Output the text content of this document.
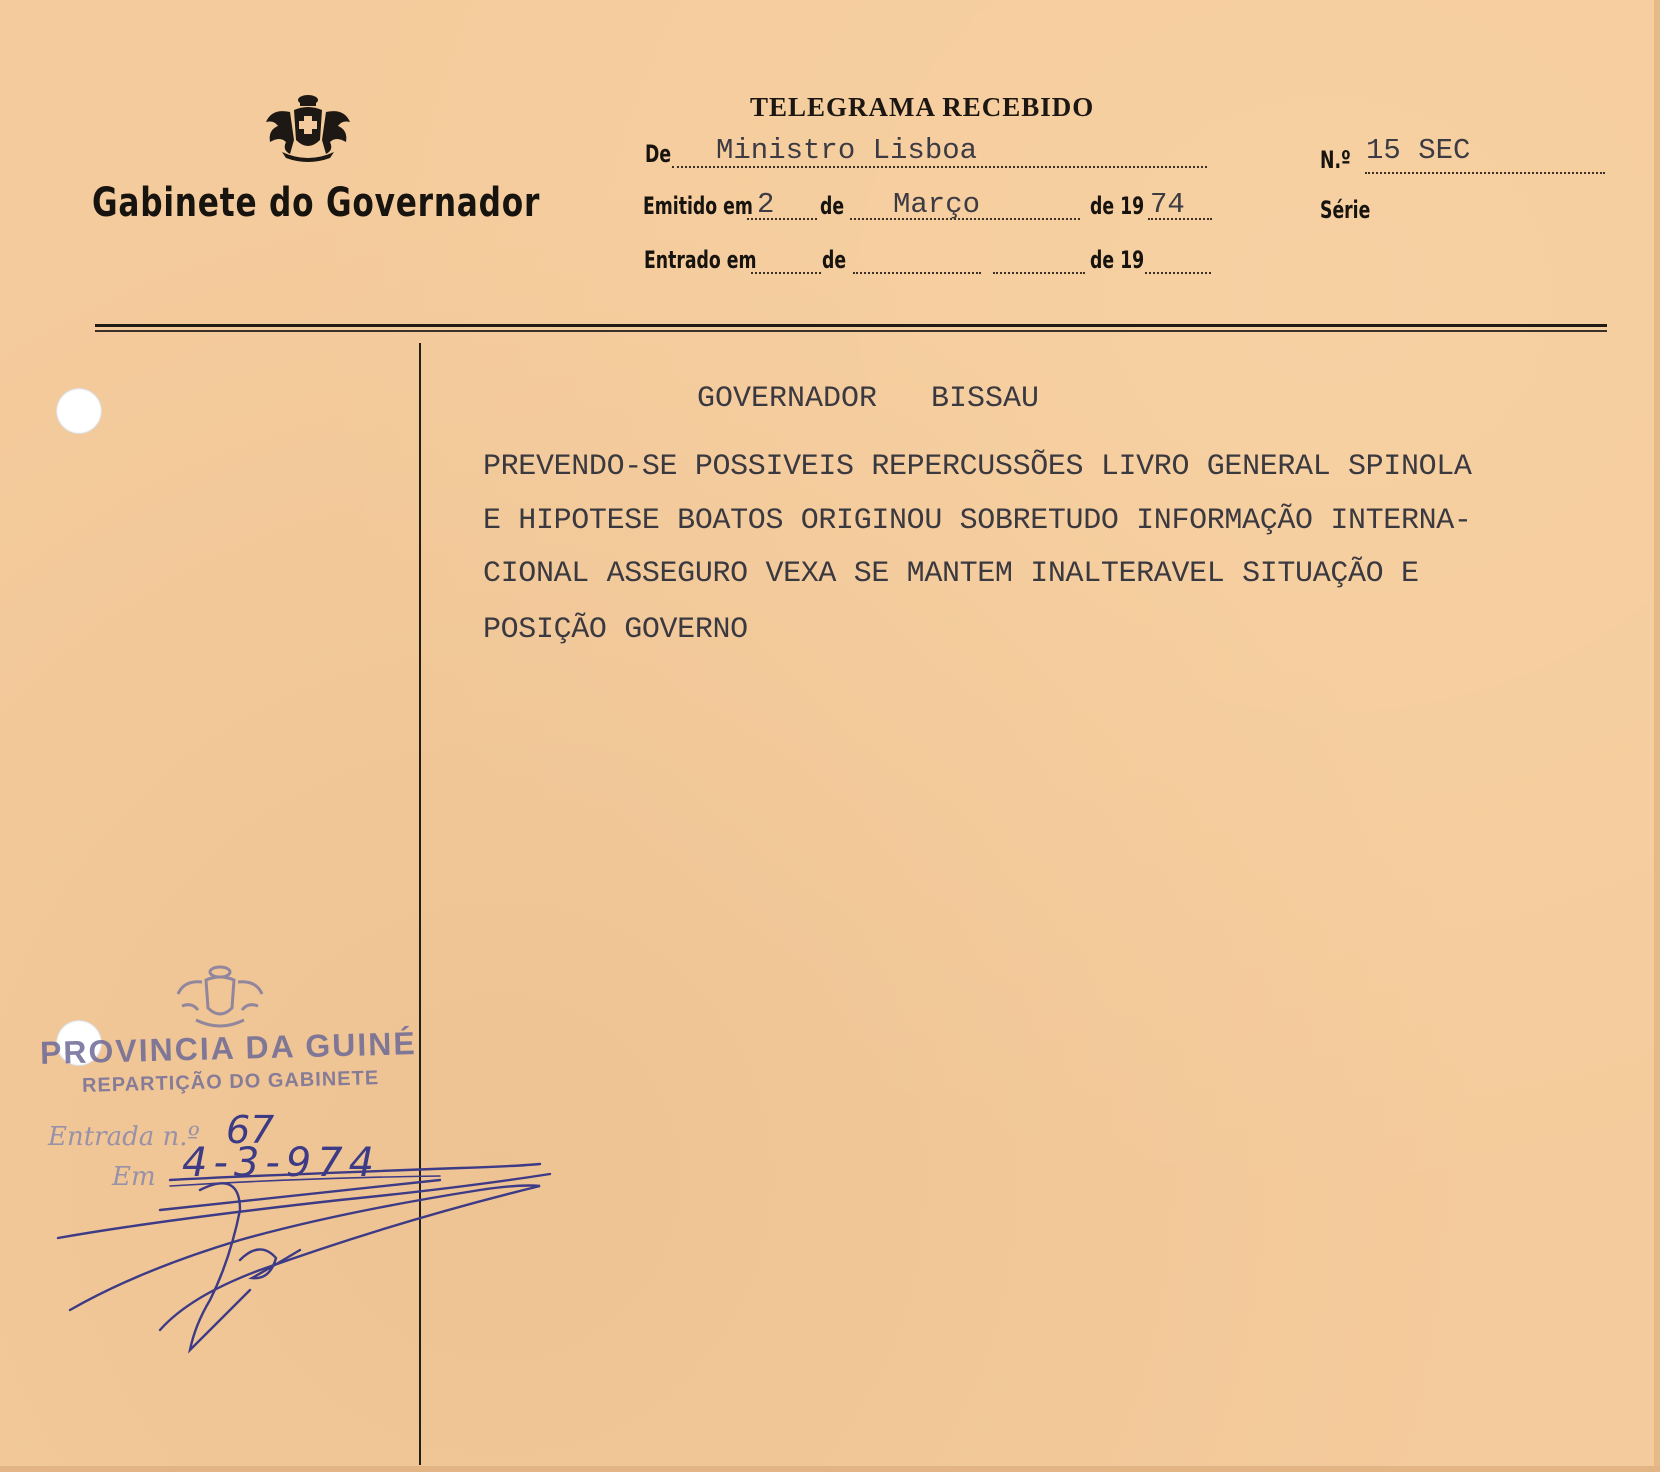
Gabinete do Governador
TELEGRAMA RECEBIDO
De Ministro Lisboa	N.º 15 SEC
Emitido em 2 de Março	de 19 74	Série
Entrado em	de	de 19
GOVERNADOR   BISSAU
PREVENDO-SE POSSIVEIS REPERCUSSÕES LIVRO GENERAL SPINOLA
E HIPOTESE BOATOS ORIGINOU SOBRETUDO INFORMAÇÃO INTERNA-
CIONAL ASSEGURO VEXA SE MANTEM INALTERAVEL SITUAÇÃO E
POSIÇÃO GOVERNO
PROVINCIA DA GUINÉ
REPARTIÇÃO DO GABINETE
Entrada n.º 67
Em 4-3-974
